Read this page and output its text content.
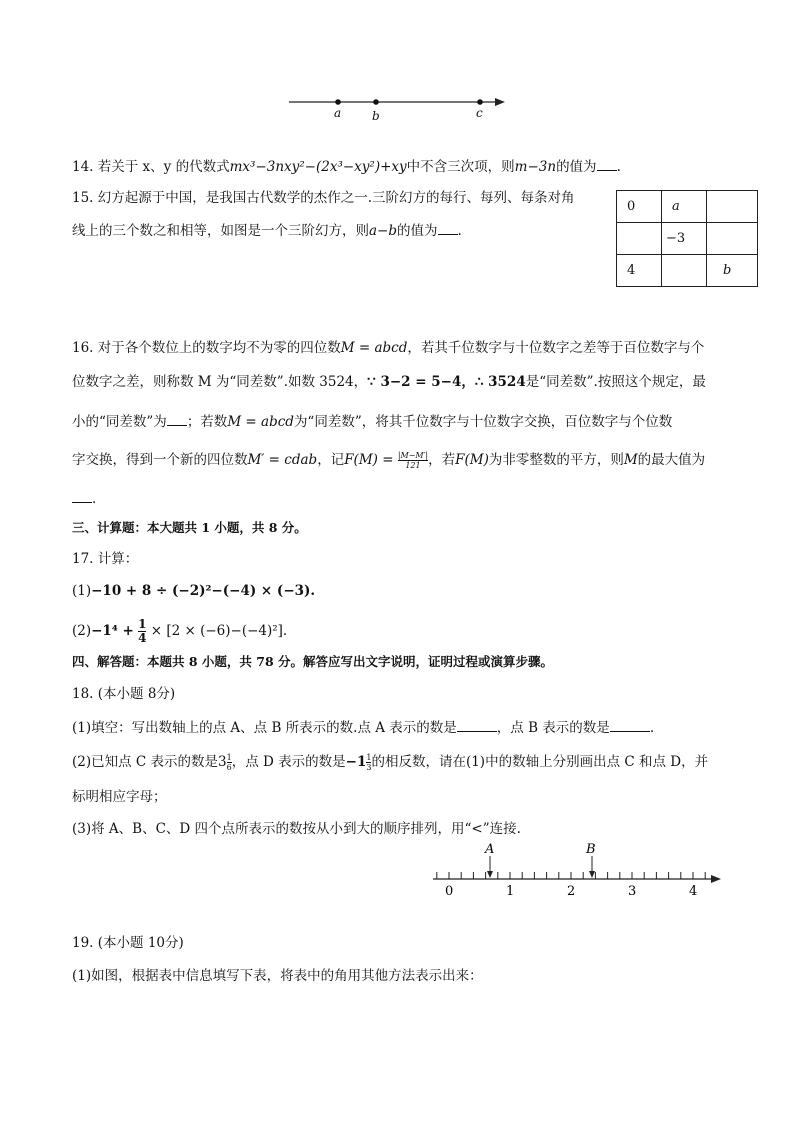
a	b	c
14. 若关于 x、y 的代数式mx³−3nxy²−(2x³−xy²)+xy中不含三次项，则m−3n的值为 .
15. 幻方起源于中国，是我国古代数学的杰作之一.三阶幻方的每行、每列、每条对角
线上的三个数之和相等，如图是一个三阶幻方，则a−b的值为 .
0	a	
	−3	
4		b
16. 对于各个数位上的数字均不为零的四位数M = abcd，若其千位数字与十位数字之差等于百位数字与个
位数字之差，则称数 M 为“同差数”.如数 3524，∵ 3−2 = 5−4，∴ 3524是“同差数”.按照这个规定，最
小的“同差数”为 ；若数M = abcd为“同差数”，将其千位数字与十位数字交换，百位数字与个位数
字交换，得到一个新的四位数M′ = cdab，记$F(M) = \frac{|M-M'|}{121}$ ，若F(M)为非零整数的平方，则M的最大值为
.
三、计算题：本大题共 1 小题，共 8 分。
17. 计算：
(1)−10 + 8 ÷ (−2)²−(−4) × (−3).
$(2)-1^4 + \frac{1}{4} \times [2 \times (-6)-(-4)^2]$.
四、解答题：本题共 8 小题，共 78 分。解答应写出文字说明，证明过程或演算步骤。
18. (本小题 8分)
(1)填空：写出数轴上的点 A、点 B 所表示的数.点 A 表示的数是	，点 B 表示的数是	.
(2)已知点 C 表示的数是$3 \frac{1}{6}$ ，点 D 表示的数是$-1 \frac{1}{3}$ 的相反数，请在(1)中的数轴上分别画出点 C 和点 D，并
标明相应字母；
(3)将 A、B、C、D 四个点所表示的数按从小到大的顺序排列，用“<”连接.
0	1	2	3	4
A	B
19. (本小题 10分)
(1)如图，根据表中信息填写下表，将表中的角用其他方法表示出来：
